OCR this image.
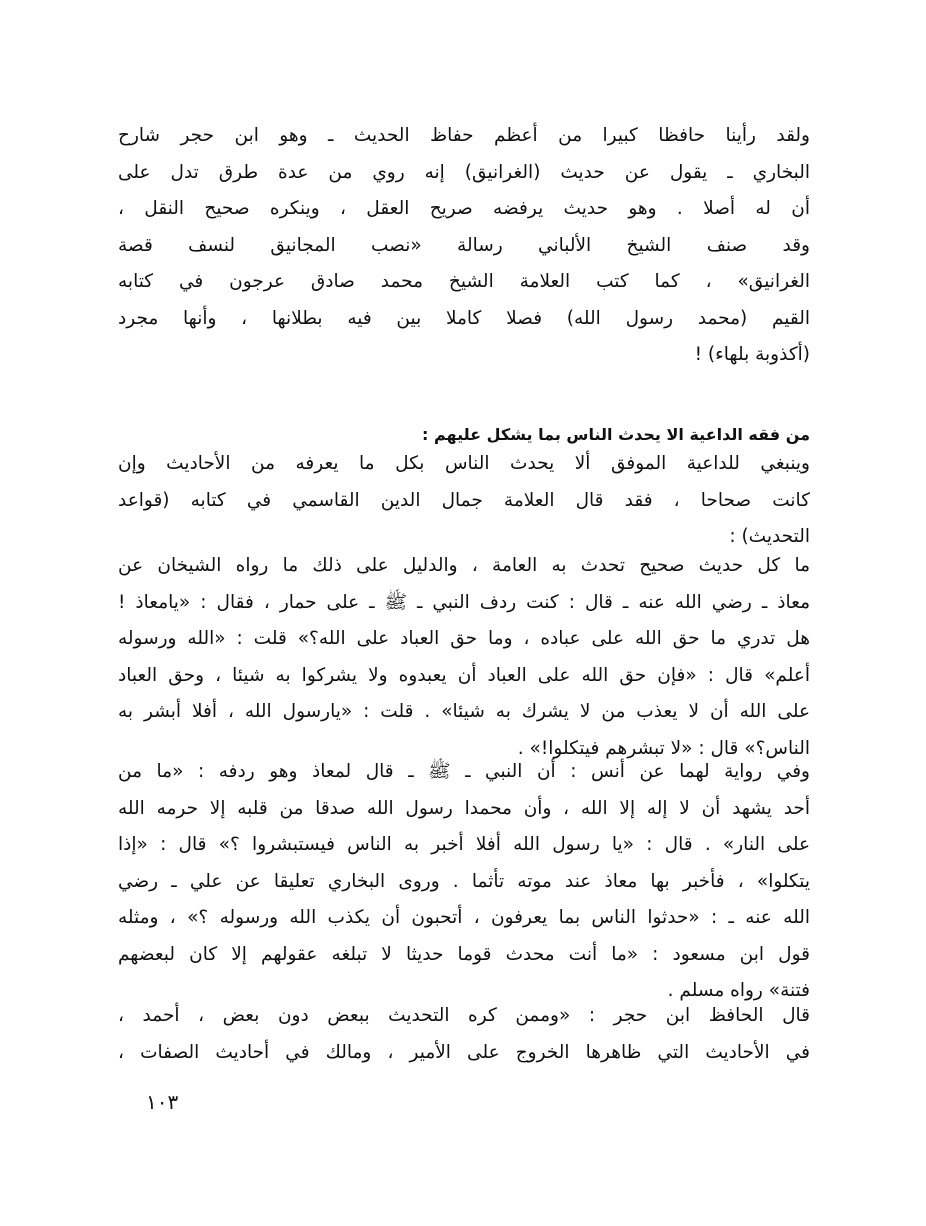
ولقد رأينا حافظا كبيرا من أعظم حفاظ الحديث ـ وهو ابن حجر شارح
البخاري ـ يقول عن حديث (الغرانيق) إنه روي من عدة طرق تدل على
أن له أصلا . وهو حديث يرفضه صريح العقل ، وينكره صحيح النقل ،
وقد صنف الشيخ الألباني رسالة «نصب المجانيق لنسف قصة
الغرانيق» ، كما كتب العلامة الشيخ محمد صادق عرجون في كتابه
القيم (محمد رسول الله) فصلا كاملا بين فيه بطلانها ، وأنها مجرد
(أكذوبة بلهاء) !
من فقه الداعية الا يحدث الناس بما يشكل عليهم :
وينبغي للداعية الموفق ألا يحدث الناس بكل ما يعرفه من الأحاديث وإن
كانت صحاحا ، فقد قال العلامة جمال الدين القاسمي في كتابه (قواعد
التحديث) :
ما كل حديث صحيح تحدث به العامة ، والدليل على ذلك ما رواه الشيخان عن
معاذ ـ رضي الله عنه ـ قال : كنت ردف النبي ـ ﷺ ـ على حمار ، فقال : «يامعاذ !
هل تدري ما حق الله على عباده ، وما حق العباد على الله؟» قلت : «الله ورسوله
أعلم» قال : «فإن حق الله على العباد أن يعبدوه ولا يشركوا به شيئا ، وحق العباد
على الله أن لا يعذب من لا يشرك به شيئا» . قلت : «يارسول الله ، أفلا أبشر به
الناس؟» قال : «لا تبشرهم فيتكلوا!» .
وفي رواية لهما عن أنس : أن النبي ـ ﷺ ـ قال لمعاذ وهو ردفه : «ما من
أحد يشهد أن لا إله إلا الله ، وأن محمدا رسول الله صدقا من قلبه إلا حرمه الله
على النار» . قال : «يا رسول الله أفلا أخبر به الناس فيستبشروا ؟» قال : «إذا
يتكلوا» ، فأخبر بها معاذ عند موته تأثما . وروى البخاري تعليقا عن علي ـ رضي
الله عنه ـ : «حدثوا الناس بما يعرفون ، أتحبون أن يكذب الله ورسوله ؟» ، ومثله
قول ابن مسعود : «ما أنت محدث قوما حديثا لا تبلغه عقولهم إلا كان لبعضهم
فتنة» رواه مسلم .
قال الحافظ ابن حجر : «وممن كره التحديث ببعض دون بعض ، أحمد ،
في الأحاديث التي ظاهرها الخروج على الأمير ، ومالك في أحاديث الصفات ،
١٠٣
